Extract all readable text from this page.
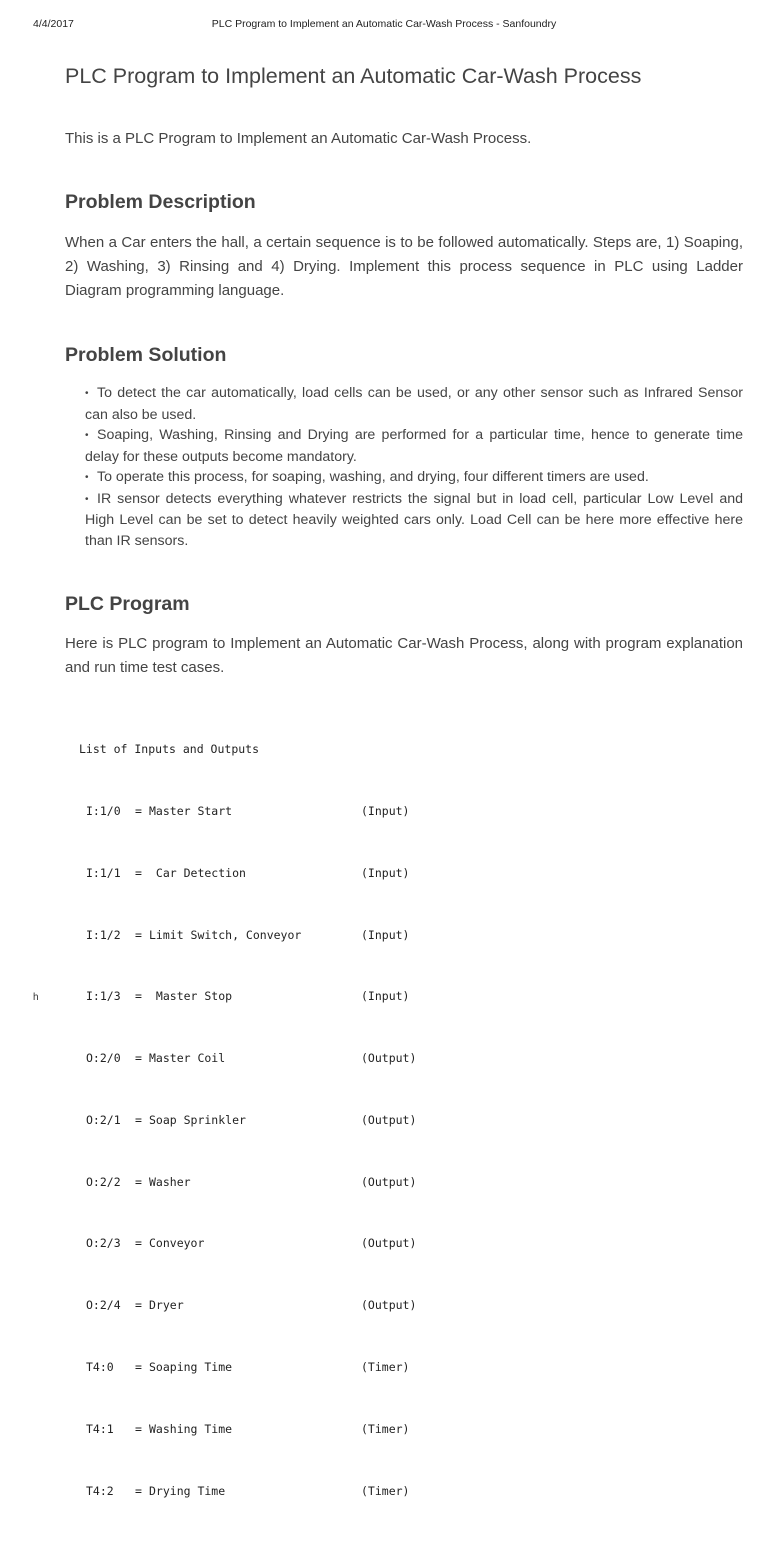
4/4/2017	PLC Program to Implement an Automatic Car-Wash Process - Sanfoundry
PLC Program to Implement an Automatic Car-Wash Process

This is a PLC Program to Implement an Automatic Car-Wash Process.

Problem Description

When a Car enters the hall, a certain sequence is to be followed automatically. Steps are, 1) Soaping, 2) Washing, 3) Rinsing and 4) Drying. Implement this process sequence in PLC using Ladder Diagram programming language.

Problem Solution
• To detect the car automatically, load cells can be used, or any other sensor such as Infrared Sensor can also be used.
• Soaping, Washing, Rinsing and Drying are performed for a particular time, hence to generate time delay for these outputs become mandatory.
• To operate this process, for soaping, washing, and drying, four different timers are used.
• IR sensor detects everything whatever restricts the signal but in load cell, particular Low Level and High Level can be set to detect heavily weighted cars only. Load Cell can be here more effective here than IR sensors.
PLC Program

Here is PLC program to Implement an Automatic Car-Wash Process, along with program explanation and run time test cases.

List of Inputs and Outputs

I:1/0	= Master Start	(Input)

I:1/1	= Car Detection	(Input)

I:1/2	= Limit Switch, Conveyor	(Input)

I:1/3	= Master Stop	(Input)

O:2/0	= Master Coil	(Output)

O:2/1	= Soap Sprinkler	(Output)

O:2/2	= Washer	(Output)

O:2/3	= Conveyor	(Output)

O:2/4	= Dryer	(Output)

T4:0	= Soaping Time	(Timer)

T4:1	= Washing Time	(Timer)

T4:2	= Drying Time	(Timer)

h
